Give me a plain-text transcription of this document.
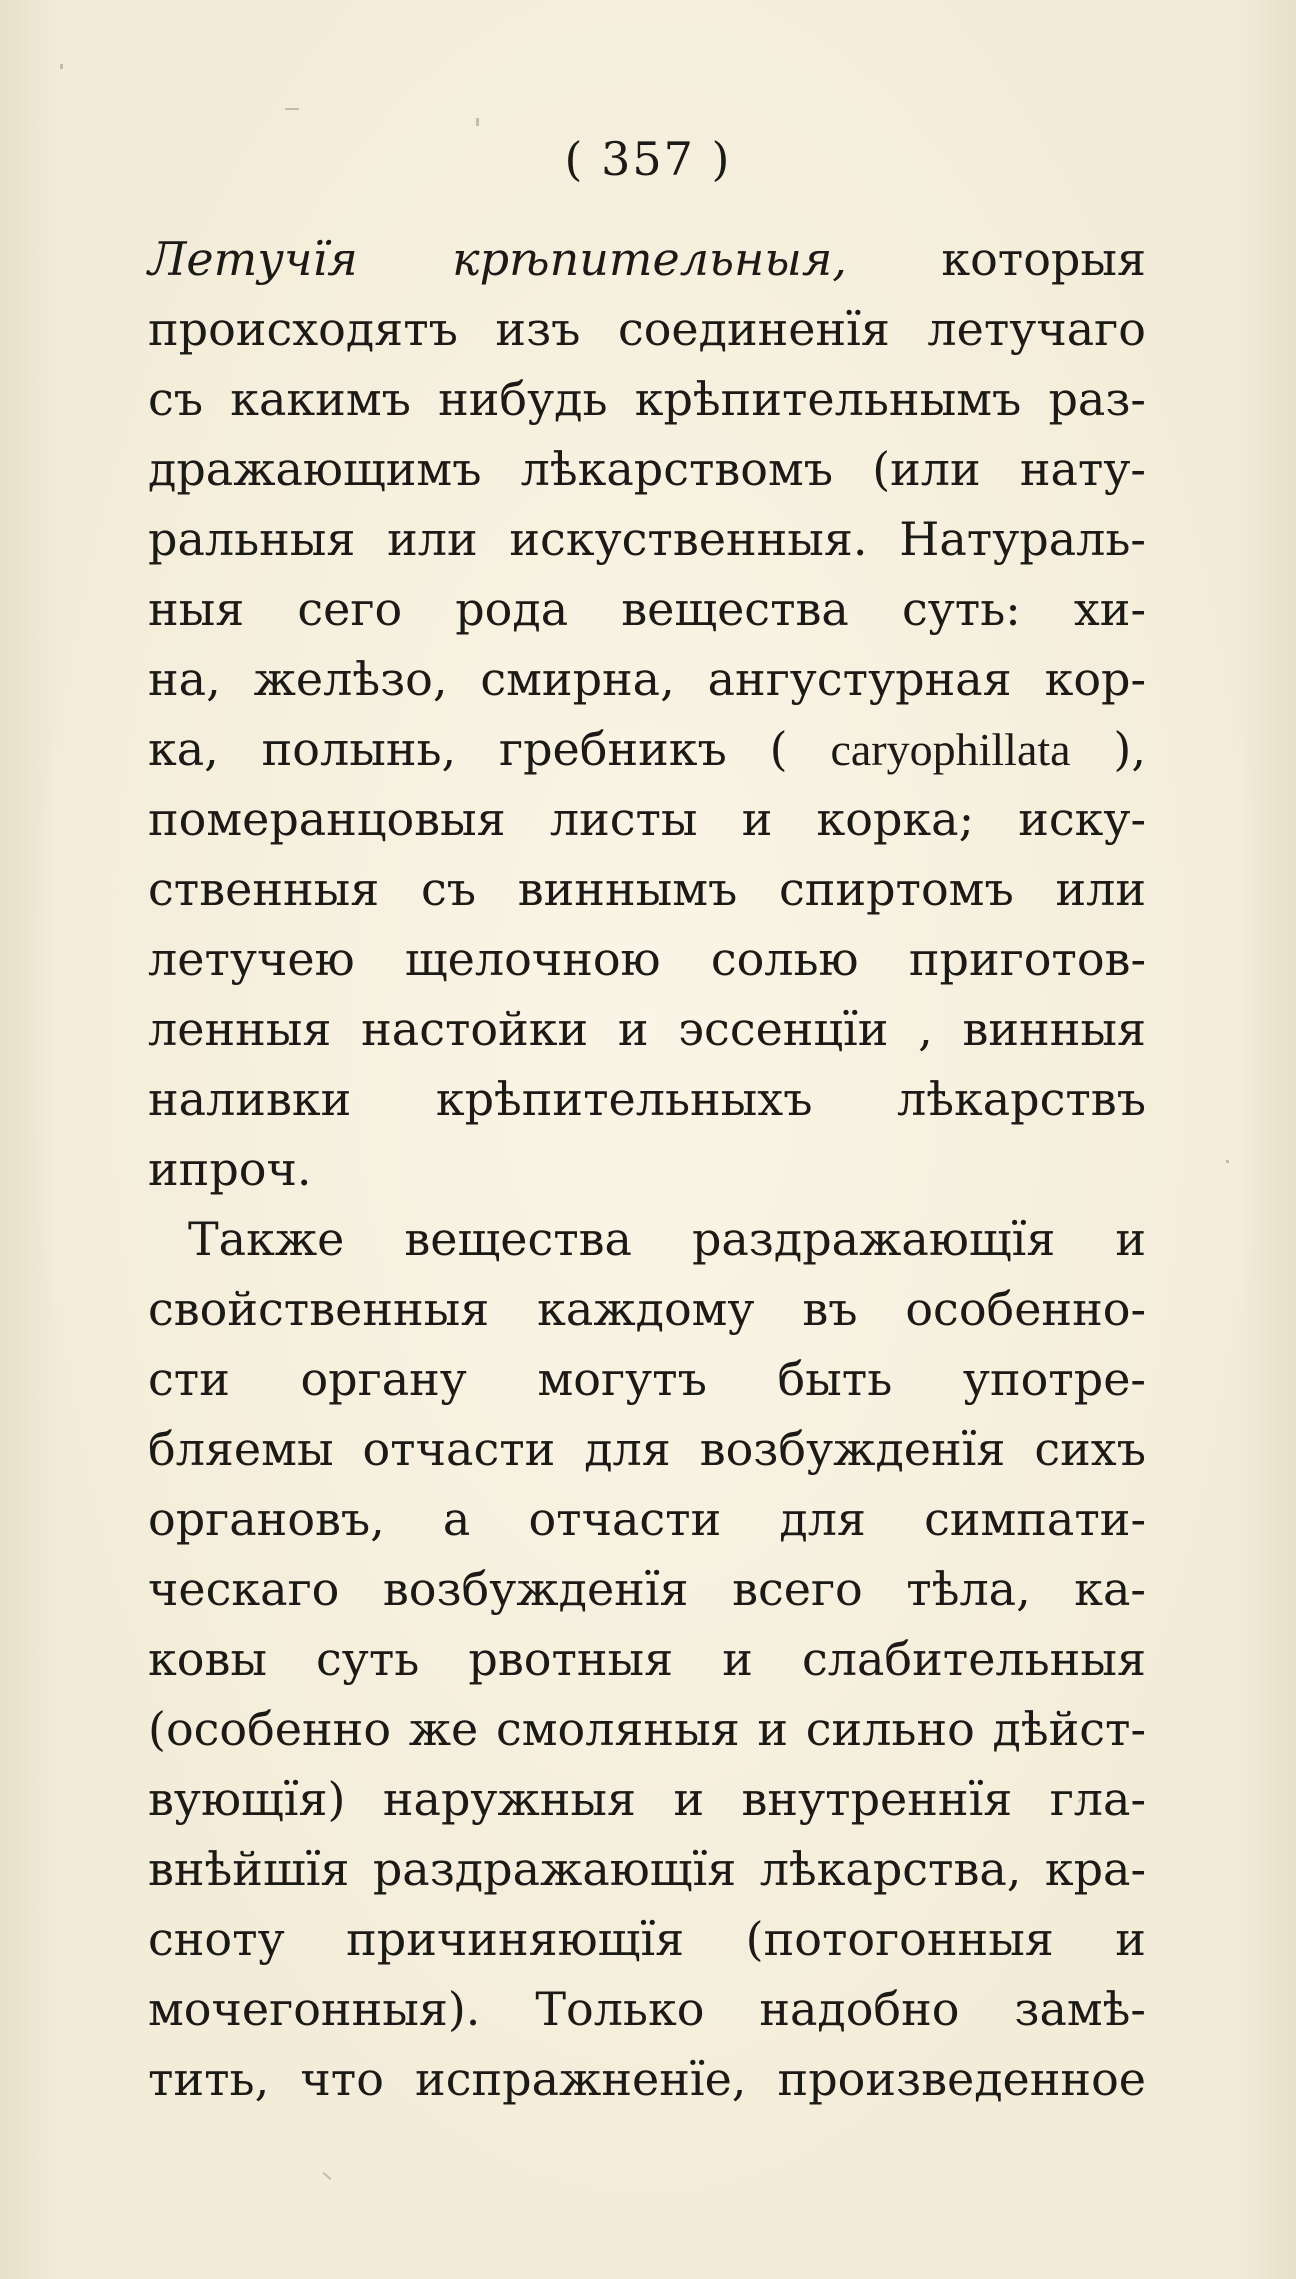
( 357 )
Летучїя крѣпительныя, которыя
происходятъ изъ соединенїя летучаго
съ какимъ нибудь крѣпительнымъ раз-
дражающимъ лѣкарствомъ (или нату-
ральныя или искуственныя. Натураль-
ныя сего рода вещества суть: хи-
на, желѣзо, смирна, ангустурная кор-
ка, полынь, гребникъ ( caryophillata ),
померанцовыя листы и корка; иску-
ственныя съ виннымъ спиртомъ или
летучею щелочною солью приготов-
ленныя настойки и эссенцїи , винныя
наливки крѣпительныхъ лѣкарствъ
и проч.
Также вещества раздражающїя и
свойственныя каждому въ особенно-
сти органу могутъ быть употре-
бляемы отчасти для возбужденїя сихъ
органовъ, а отчасти для симпати-
ческаго возбужденїя всего тѣла, ка-
ковы суть рвотныя и слабительныя
(особенно же смоляныя и сильно дѣйст-
вующїя) наружныя и внутреннїя гла-
внѣйшїя раздражающїя лѣкарства, кра-
сноту причиняющїя (потогонныя и
мочегонныя). Только надобно замѣ-
тить, что испражненїе, произведенное
